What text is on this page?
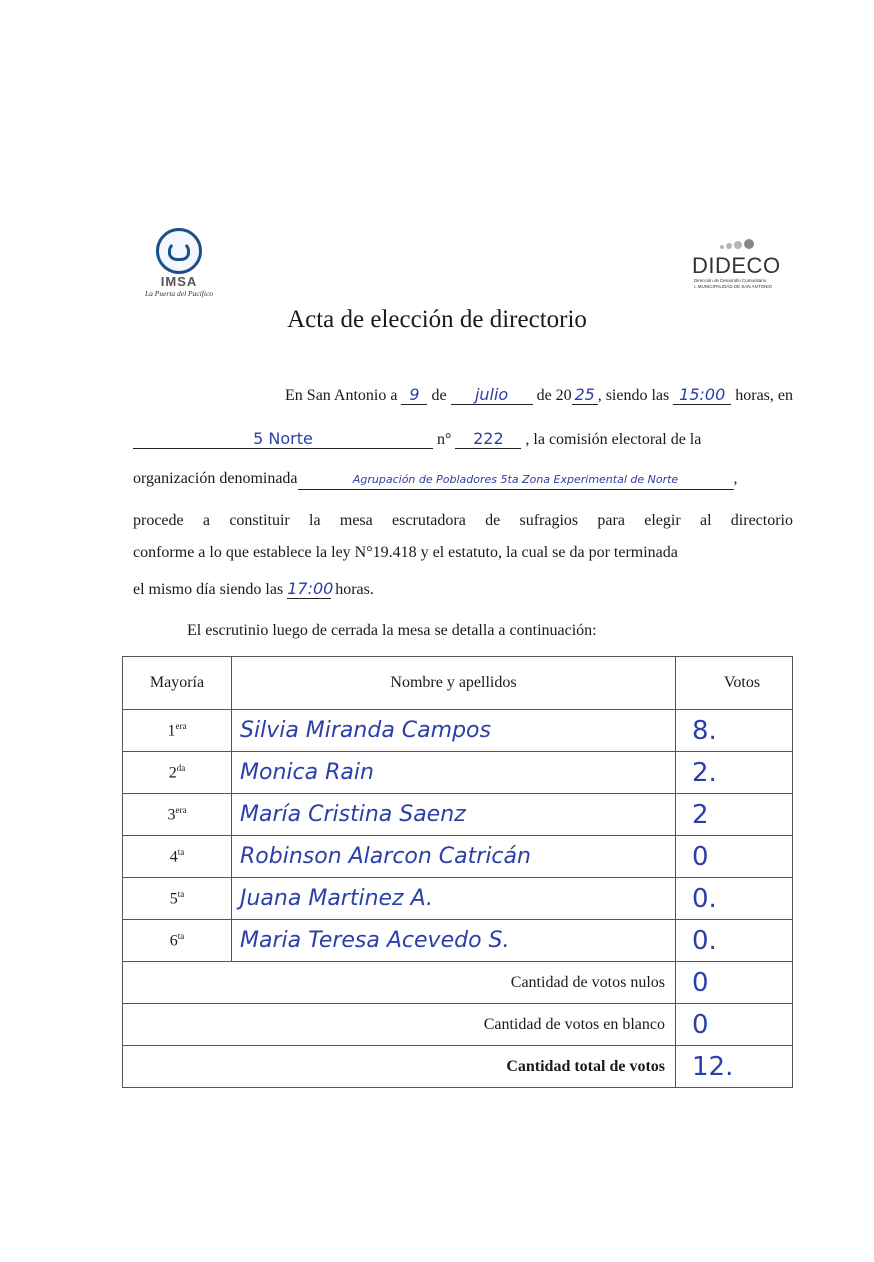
IMSA
La Puerta del Pacífico
DIDECO
Dirección de Desarrollo Comunitario
I. MUNICIPALIDAD DE SAN ANTONIO
Acta de elección de directorio
En San Antonio a 9 de julio de 20 25 , siendo las 15:00 horas, en
5 Norte	n° 222 , la comisión electoral de la
organización denominada	Agrupación de Pobladores 5ta Zona Experimental de Norte	,
procede a constituir la mesa escrutadora de sufragios para elegir al directorio
conforme a lo que establece la ley N°19.418 y el estatuto, la cual se da por terminada
el mismo día siendo las 17:00 horas.
El escrutinio luego de cerrada la mesa se detalla a continuación:
Mayoría	Nombre y apellidos	Votos
$1^{era}$	Silvia Miranda Campos	8.
$2^{da}$	Monica Rain	2.
$3^{era}$	María Cristina Saenz	2
$4^{ta}$	Robinson Alarcon Catricán	0
$5^{ta}$	Juana Martinez A.	0.
$6^{ta}$	Maria Teresa Acevedo S.	0.
Cantidad de votos nulos		0
Cantidad de votos en blanco		0
Cantidad total de votos		12.
